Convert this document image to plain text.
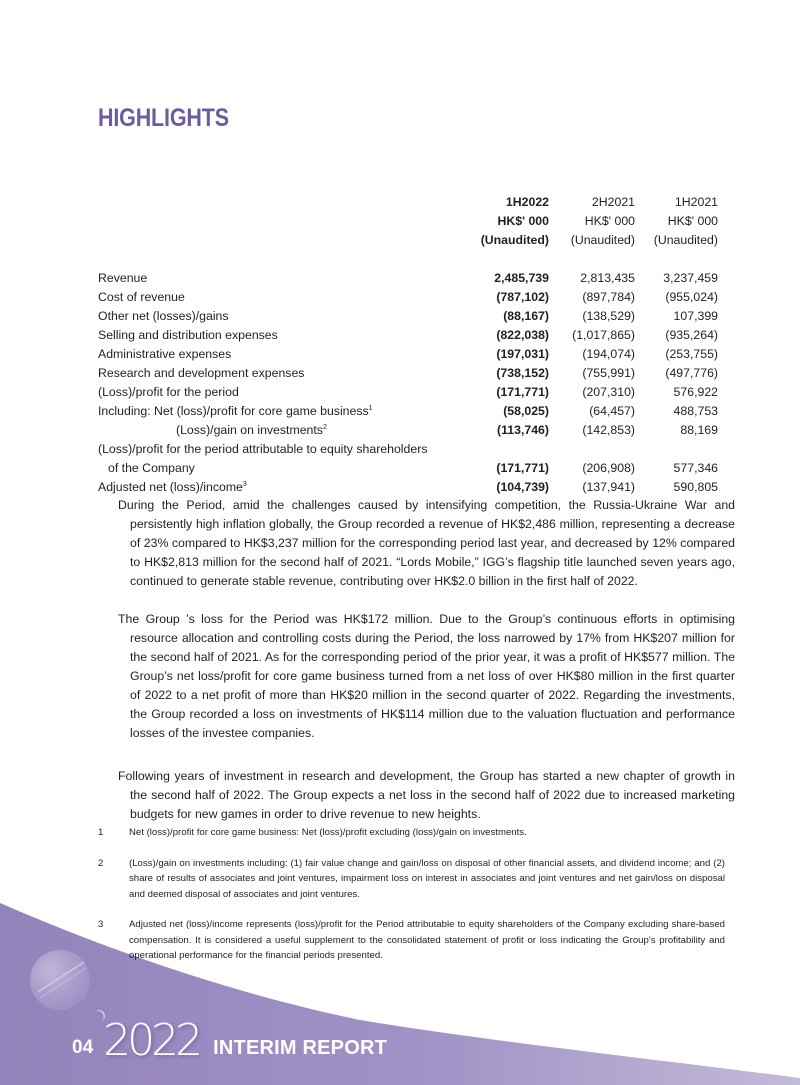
HIGHLIGHTS
1H2022	2H2021	1H2021
HK$' 000	HK$' 000	HK$' 000
(Unaudited)	(Unaudited)	(Unaudited)
Revenue	2,485,739	2,813,435	3,237,459
Cost of revenue	(787,102)	(897,784)	(955,024)
Other net (losses)/gains	(88,167)	(138,529)	107,399
Selling and distribution expenses	(822,038)	(1,017,865)	(935,264)
Administrative expenses	(197,031)	(194,074)	(253,755)
Research and development expenses	(738,152)	(755,991)	(497,776)
(Loss)/profit for the period	(171,771)	(207,310)	576,922
Including: Net (loss)/profit for core game business$^1$	(58,025)	(64,457)	488,753
(Loss)/gain on investments$^2$	(113,746)	(142,853)	88,169
(Loss)/profit for the period attributable to equity shareholders
of the Company	(171,771)	(206,908)	577,346
Adjusted net (loss)/income$^3$	(104,739)	(137,941)	590,805

During the Period, amid the challenges caused by intensifying competition, the Russia-Ukraine War and persistently high inflation globally, the Group recorded a revenue of HK$2,486 million, representing a decrease of 23% compared to HK$3,237 million for the corresponding period last year, and decreased by 12% compared to HK$2,813 million for the second half of 2021. “Lords Mobile,” IGG’s flagship title launched seven years ago, continued to generate stable revenue, contributing over HK$2.0 billion in the first half of 2022.

The Group ’s loss for the Period was HK$172 million. Due to the Group’s continuous efforts in optimising resource allocation and controlling costs during the Period, the loss narrowed by 17% from HK$207 million for the second half of 2021. As for the corresponding period of the prior year, it was a profit of HK$577 million. The Group’s net loss/profit for core game business turned from a net loss of over HK$80 million in the first quarter of 2022 to a net profit of more than HK$20 million in the second quarter of 2022. Regarding the investments, the Group recorded a loss on investments of HK$114 million due to the valuation fluctuation and performance losses of the investee companies.

Following years of investment in research and development, the Group has started a new chapter of growth in the second half of 2022. The Group expects a net loss in the second half of 2022 due to increased marketing budgets for new games in order to drive revenue to new heights.

1	Net (loss)/profit for core game business: Net (loss)/profit excluding (loss)/gain on investments.
2	(Loss)/gain on investments including: (1) fair value change and gain/loss on disposal of other financial assets, and dividend income; and (2) share of results of associates and joint ventures, impairment loss on interest in associates and joint ventures and net gain/loss on disposal and deemed disposal of associates and joint ventures.
3	Adjusted net (loss)/income represents (loss)/profit for the Period attributable to equity shareholders of the Company excluding share-based compensation. It is considered a useful supplement to the consolidated statement of profit or loss indicating the Group's profitability and operational performance for the financial periods presented.
04 2022 INTERIM REPORT
